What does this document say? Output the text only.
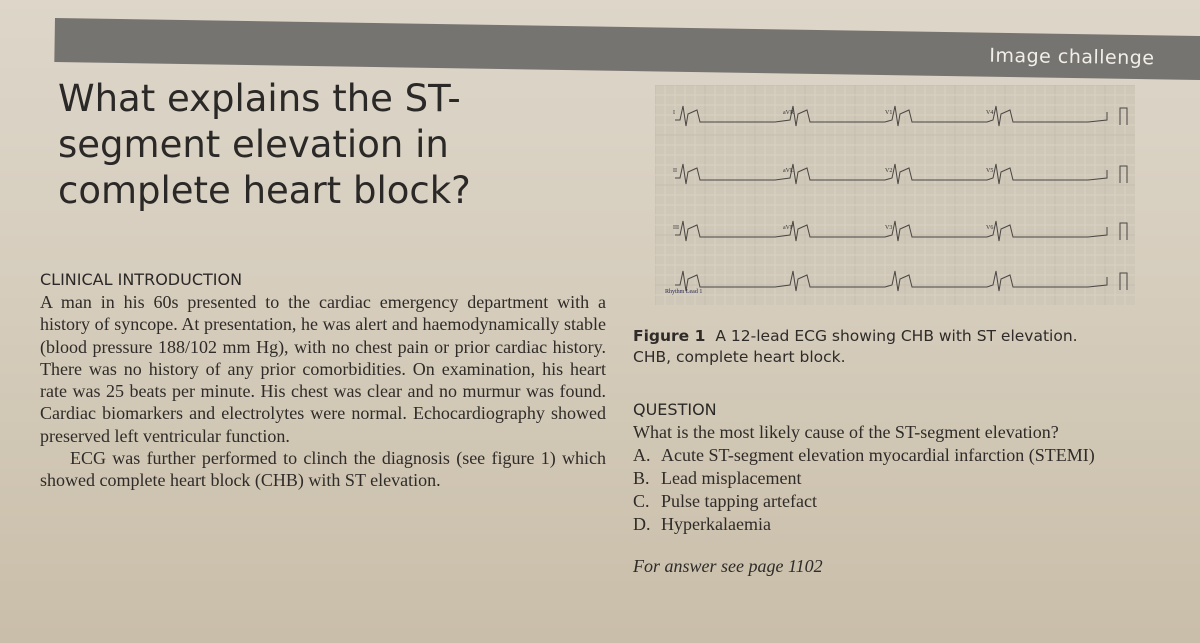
Image challenge
What explains the ST-segment elevation in complete heart block?
CLINICAL INTRODUCTION

A man in his 60s presented to the cardiac emergency department with a history of syncope. At presentation, he was alert and haemodynamically stable (blood pressure 188/102 mm Hg), with no chest pain or prior cardiac history. There was no history of any prior comorbidities. On examination, his heart rate was 25 beats per minute. His chest was clear and no murmur was found. Cardiac biomarkers and electrolytes were normal. Echocardiography showed preserved left ventricular function.

ECG was further performed to clinch the diagnosis (see figure 1) which showed complete heart block (CHB) with ST elevation.

I	aVR	V1	V4
II	aVL	V2	V5
III	aVF	V3	V6
Rhythm Lead 1
Figure 1 A 12-lead ECG showing CHB with ST elevation. CHB, complete heart block.
QUESTION
What is the most likely cause of the ST-segment elevation?
A. Acute ST-segment elevation myocardial infarction (STEMI)
B. Lead misplacement
C. Pulse tapping artefact
D. Hyperkalaemia
For answer see page 1102
